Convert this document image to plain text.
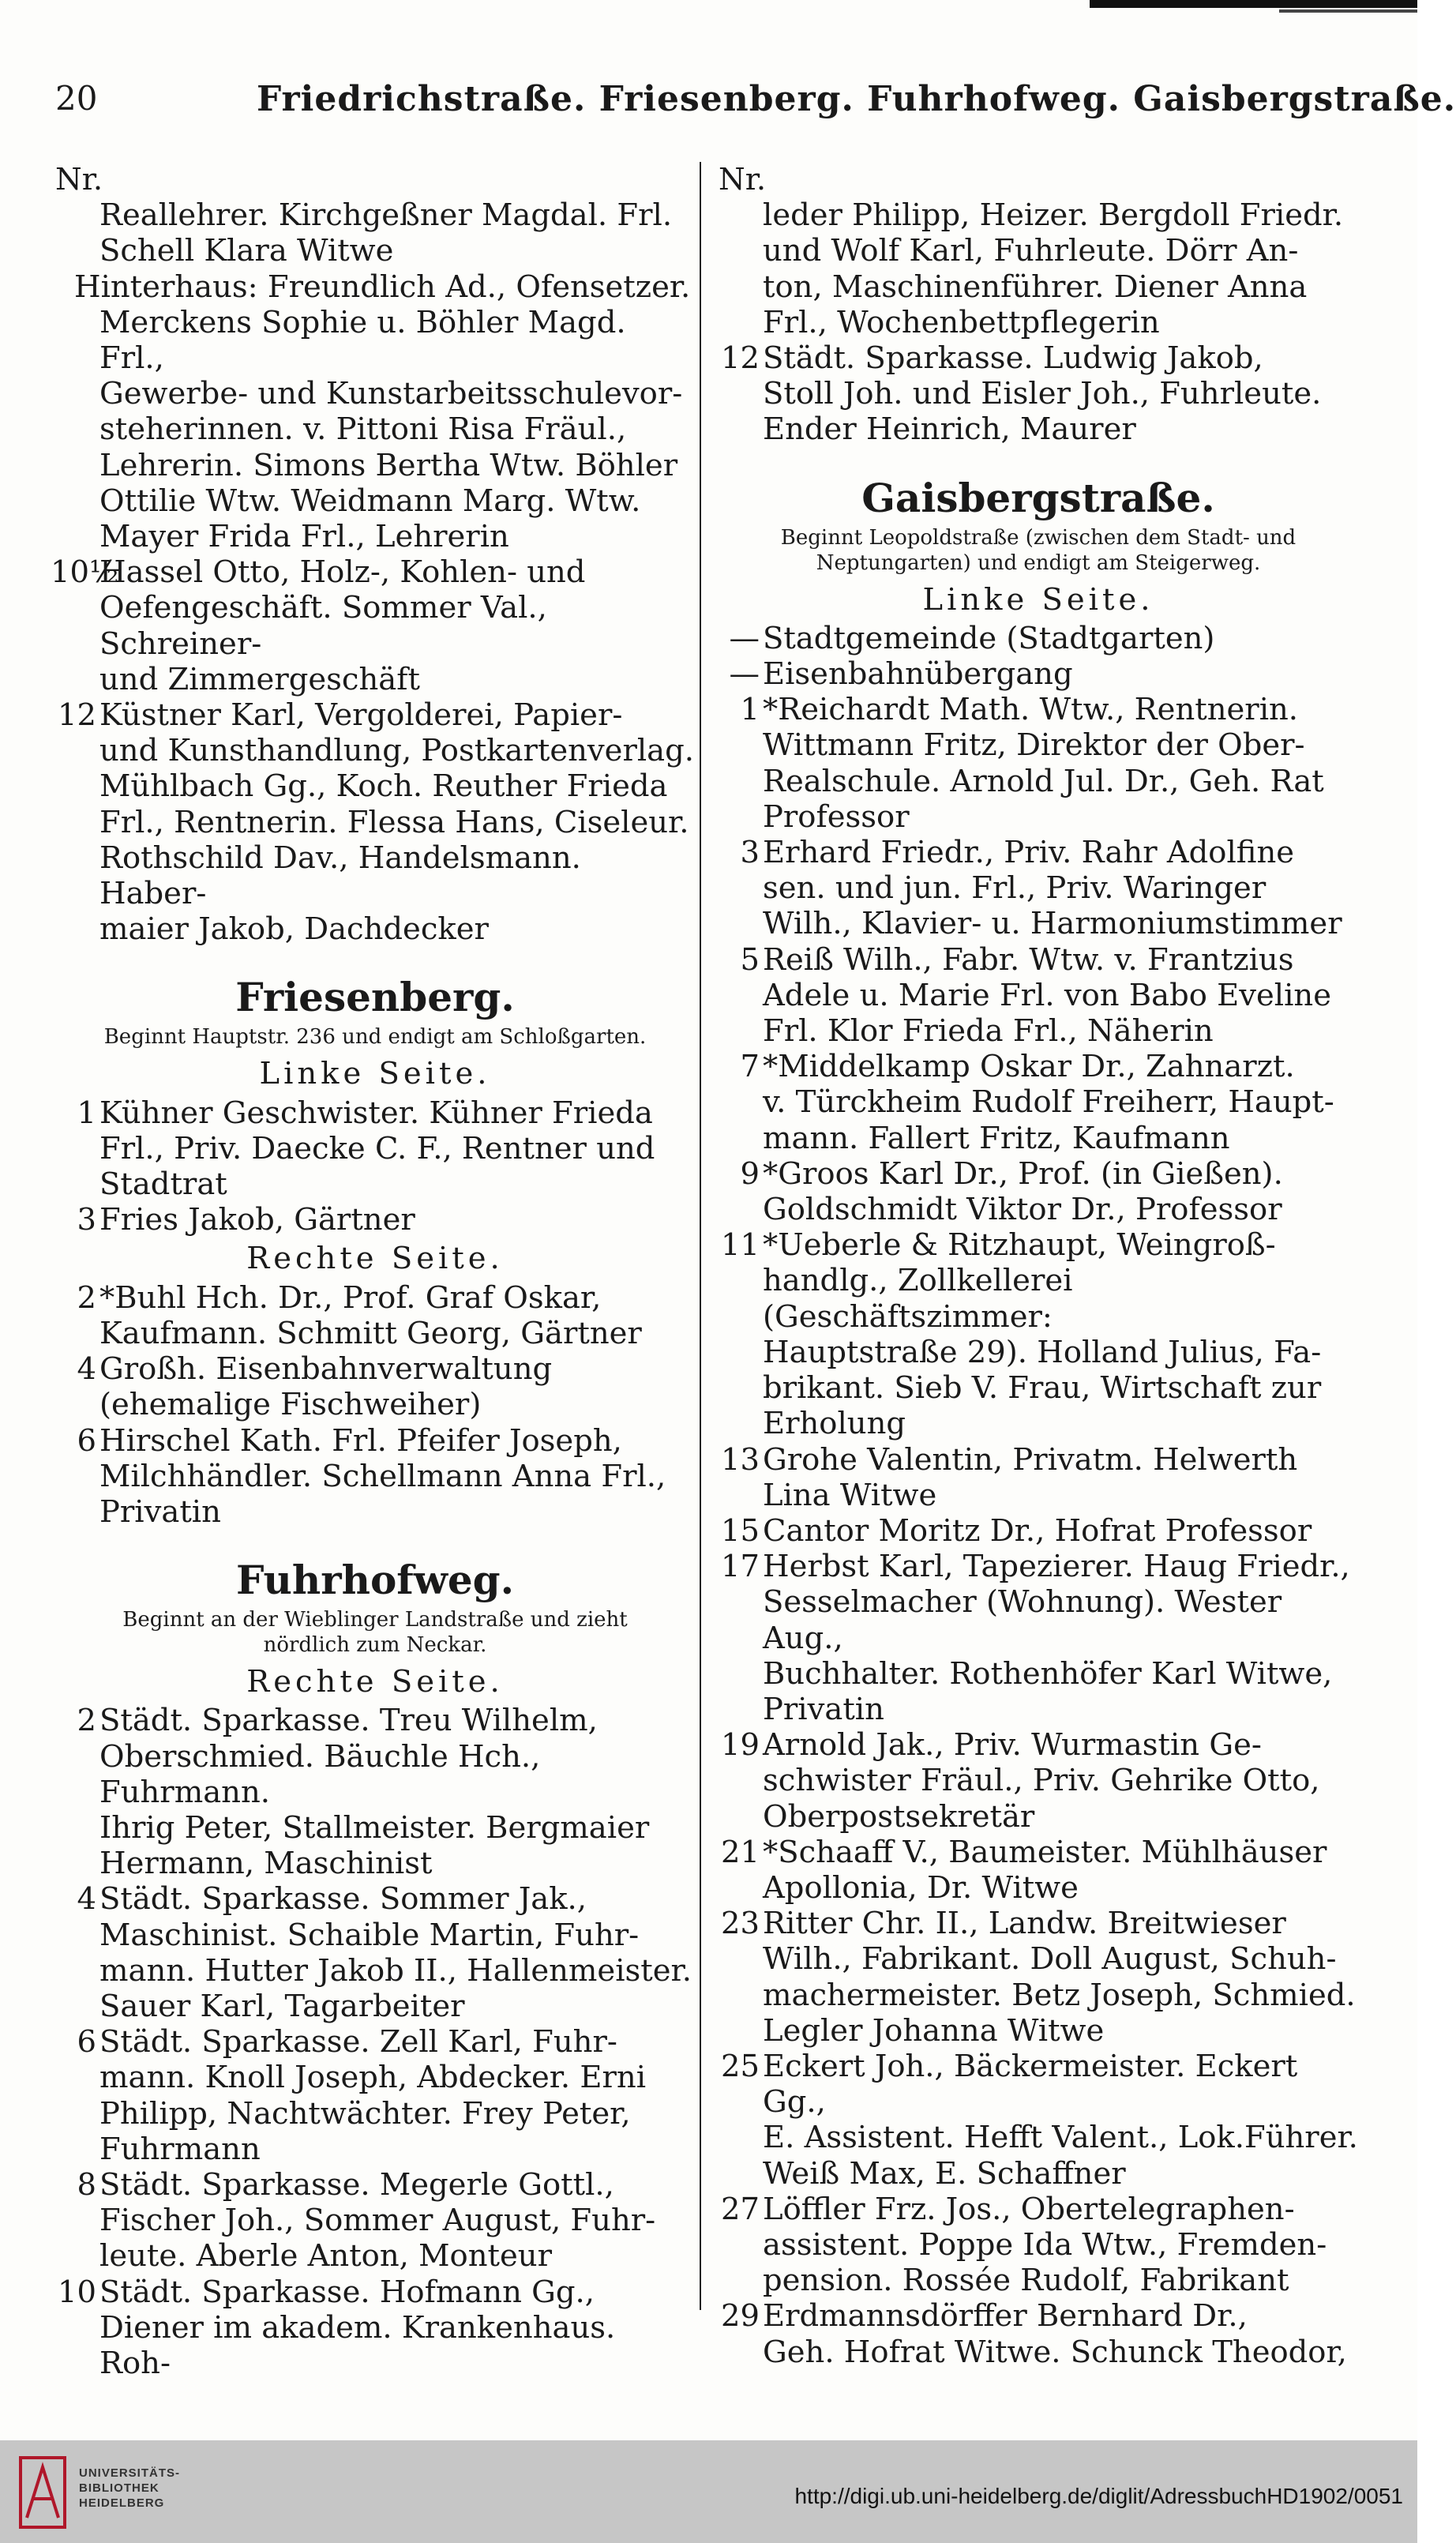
20	Friedrichstraße. Friesenberg. Fuhrhofweg. Gaisbergstraße.
Nr.
Reallehrer. Kirchgeßner Magdal. Frl.
Schell Klara Witwe
Hinterhaus: Freundlich Ad., Ofensetzer.
Merckens Sophie u. Böhler Magd. Frl.,
Gewerbe- und Kunstarbeitsschulevor-
steherinnen. v. Pittoni Risa Fräul.,
Lehrerin. Simons Bertha Wtw. Böhler
Ottilie Wtw. Weidmann Marg. Wtw.
Mayer Frida Frl., Lehrerin
10½
Hassel Otto, Holz-, Kohlen- und
Oefengeschäft. Sommer Val., Schreiner-
und Zimmergeschäft
12 Küstner Karl, Vergolderei, Papier-
und Kunsthandlung, Postkartenverlag.
Mühlbach Gg., Koch. Reuther Frieda
Frl., Rentnerin. Flessa Hans, Ciseleur.
Rothschild Dav., Handelsmann. Haber-
maier Jakob, Dachdecker
Friesenberg.
Beginnt Hauptstr. 236 und endigt am Schloßgarten.
Linke Seite.
1 Kühner Geschwister. Kühner Frieda
Frl., Priv. Daecke C. F., Rentner und
Stadtrat
3 Fries Jakob, Gärtner
Rechte Seite.
2 *Buhl Hch. Dr., Prof. Graf Oskar,
Kaufmann. Schmitt Georg, Gärtner
4 Großh. Eisenbahnverwaltung
(ehemalige Fischweiher)
6 Hirschel Kath. Frl. Pfeifer Joseph,
Milchhändler. Schellmann Anna Frl.,
Privatin
Fuhrhofweg.
Beginnt an der Wieblinger Landstraße und zieht
nördlich zum Neckar.
Rechte Seite.
2 Städt. Sparkasse. Treu Wilhelm,
Oberschmied. Bäuchle Hch., Fuhrmann.
Ihrig Peter, Stallmeister. Bergmaier
Hermann, Maschinist
4 Städt. Sparkasse. Sommer Jak.,
Maschinist. Schaible Martin, Fuhr-
mann. Hutter Jakob II., Hallenmeister.
Sauer Karl, Tagarbeiter
6 Städt. Sparkasse. Zell Karl, Fuhr-
mann. Knoll Joseph, Abdecker. Erni
Philipp, Nachtwächter. Frey Peter,
Fuhrmann
8 Städt. Sparkasse. Megerle Gottl.,
Fischer Joh., Sommer August, Fuhr-
leute. Aberle Anton, Monteur
10 Städt. Sparkasse. Hofmann Gg.,
Diener im akadem. Krankenhaus. Roh-
Nr.
leder Philipp, Heizer. Bergdoll Friedr.
und Wolf Karl, Fuhrleute. Dörr An-
ton, Maschinenführer. Diener Anna
Frl., Wochenbettpflegerin
12 Städt. Sparkasse. Ludwig Jakob,
Stoll Joh. und Eisler Joh., Fuhrleute.
Ender Heinrich, Maurer
Gaisbergstraße.
Beginnt Leopoldstraße (zwischen dem Stadt- und
Neptungarten) und endigt am Steigerweg.
Linke Seite.
— Stadtgemeinde (Stadtgarten)
— Eisenbahnübergang
1 *Reichardt Math. Wtw., Rentnerin.
Wittmann Fritz, Direktor der Ober-
Realschule. Arnold Jul. Dr., Geh. Rat
Professor
3 Erhard Friedr., Priv. Rahr Adolfine
sen. und jun. Frl., Priv. Waringer
Wilh., Klavier- u. Harmoniumstimmer
5 Reiß Wilh., Fabr. Wtw. v. Frantzius
Adele u. Marie Frl. von Babo Eveline
Frl. Klor Frieda Frl., Näherin
7 *Middelkamp Oskar Dr., Zahnarzt.
v. Türckheim Rudolf Freiherr, Haupt-
mann. Fallert Fritz, Kaufmann
9 *Groos Karl Dr., Prof. (in Gießen).
Goldschmidt Viktor Dr., Professor
11 *Ueberle & Ritzhaupt, Weingroß-
handlg., Zollkellerei (Geschäftszimmer:
Hauptstraße 29). Holland Julius, Fa-
brikant. Sieb V. Frau, Wirtschaft zur
Erholung
13 Grohe Valentin, Privatm. Helwerth
Lina Witwe
15 Cantor Moritz Dr., Hofrat Professor
17 Herbst Karl, Tapezierer. Haug Friedr.,
Sesselmacher (Wohnung). Wester Aug.,
Buchhalter. Rothenhöfer Karl Witwe,
Privatin
19 Arnold Jak., Priv. Wurmastin Ge-
schwister Fräul., Priv. Gehrike Otto,
Oberpostsekretär
21 *Schaaff V., Baumeister. Mühlhäuser
Apollonia, Dr. Witwe
23 Ritter Chr. II., Landw. Breitwieser
Wilh., Fabrikant. Doll August, Schuh-
machermeister. Betz Joseph, Schmied.
Legler Johanna Witwe
25 Eckert Joh., Bäckermeister. Eckert Gg.,
E. Assistent. Hefft Valent., Lok.Führer.
Weiß Max, E. Schaffner
27 Löffler Frz. Jos., Obertelegraphen-
assistent. Poppe Ida Wtw., Fremden-
pension. Rossée Rudolf, Fabrikant
29 Erdmannsdörffer Bernhard Dr.,
Geh. Hofrat Witwe. Schunck Theodor,
UNIVERSITÄTS-
BIBLIOTHEK
HEIDELBERG	http://digi.ub.uni-heidelberg.de/diglit/AdressbuchHD1902/0051
